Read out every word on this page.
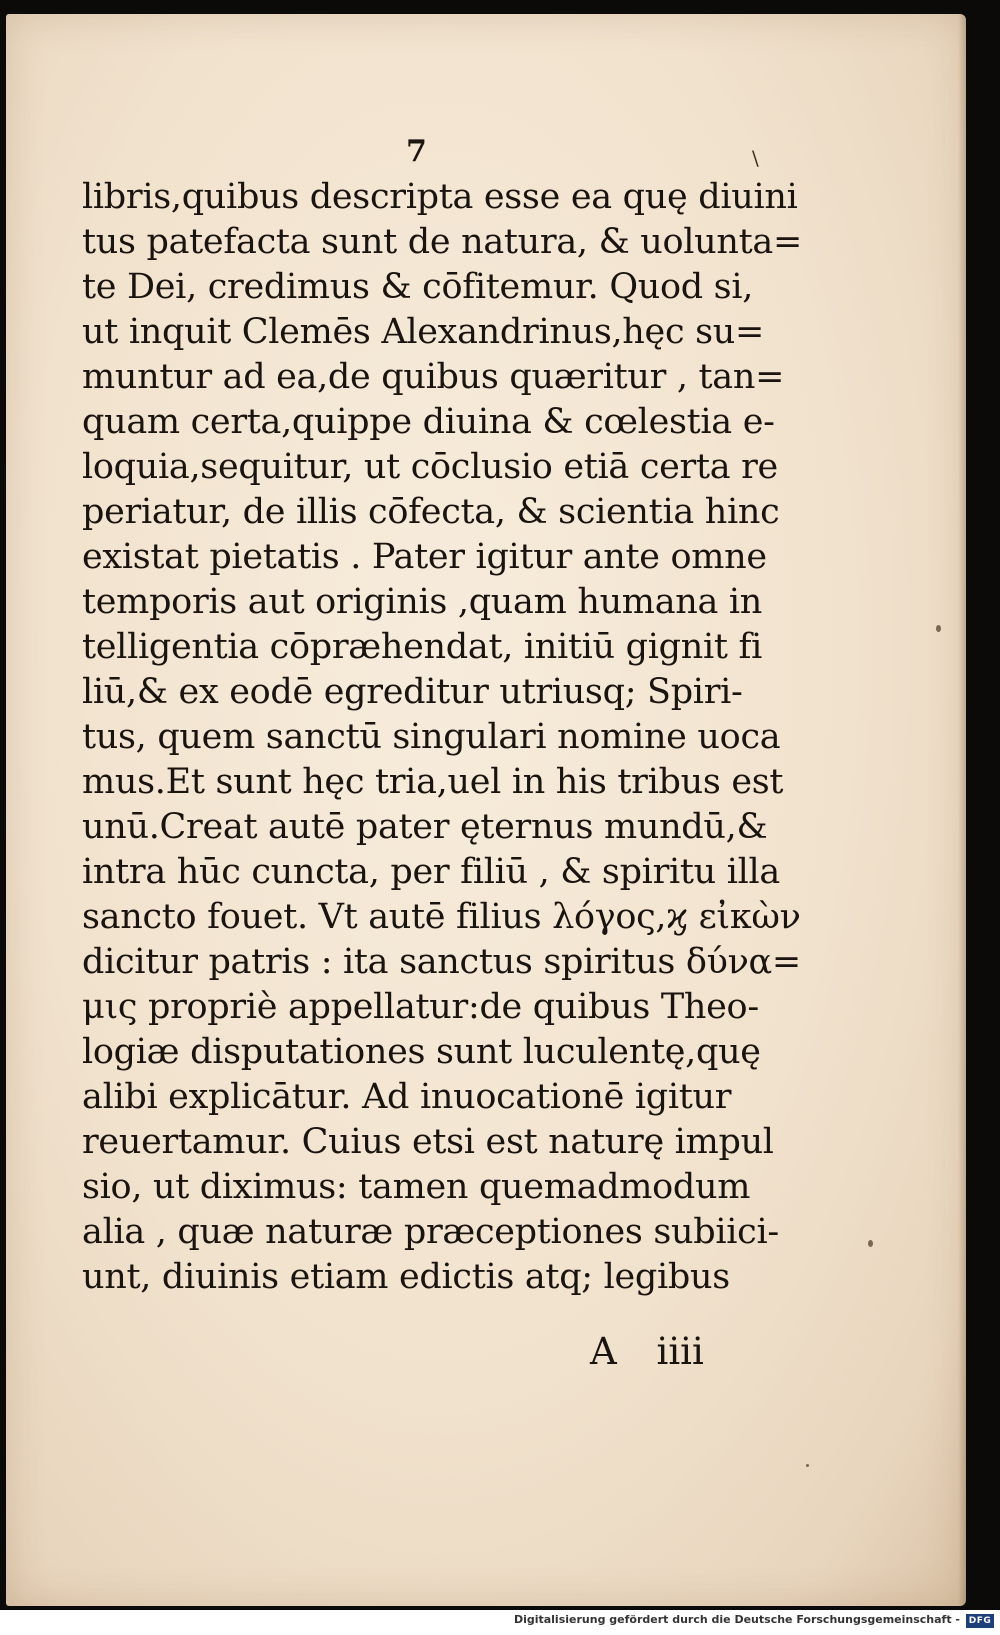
7	\
libris,quibus descripta esse ea quę diuini
tus patefacta sunt de natura, & uolunta=
te Dei, credimus & cōfitemur. Quod si,
ut inquit Clemēs Alexandrinus,hęc su=
muntur ad ea,de quibus quæritur , tan=
quam certa,quippe diuina & cœlestia e-
loquia,sequitur, ut cōclusio etiā certa re
periatur, de illis cōfecta, & scientia hinc
existat pietatis . Pater igitur ante omne
temporis aut originis ,quam humana in
telligentia cōpræhendat, initiū gignit fi
liū,& ex eodē egreditur utriusq; Spiri-
tus, quem sanctū singulari nomine uoca
mus.Et sunt hęc tria,uel in his tribus est
unū.Creat autē pater ęternus mundū,&
intra hūc cuncta, per filiū , & spiritu illa
sancto fouet. Vt autē filius λόγος,ϗ εἰκὼν
dicitur patris : ita sanctus spiritus δύνα=
μις propriè appellatur:de quibus Theo-
logiæ disputationes sunt luculentę,quę
alibi explicātur. Ad inuocationē igitur
reuertamur. Cuius etsi est naturę impul
sio, ut diximus: tamen quemadmodum
alia , quæ naturæ præceptiones subiici-
unt, diuinis etiam edictis atq; legibus
A iiii
Digitalisierung gefördert durch die Deutsche Forschungsgemeinschaft - DFG
